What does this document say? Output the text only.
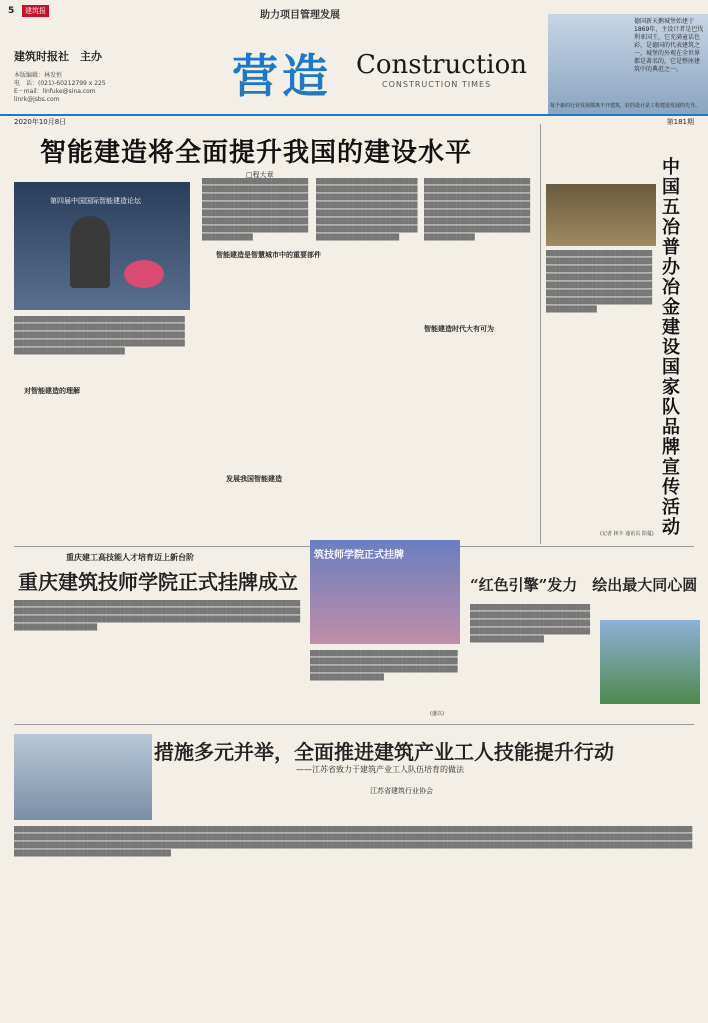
5	建筑报	助力项目管理发展
建筑时报社　主办
本版编辑：林发恒
电　话：(021)-60212799 x 225
E－mail：linfuke@sina.com
linrk@jsbs.com	营造 Construction
CONSTRUCTION TIMES
德国新天鹅城堡始建于1869年，主设计者是巴伐利亚国王，它充满童话色彩，是德国的代表建筑之一，城堡的外观在全世界都是著名的，它是整座建筑中的典范之一。
每个新的行业发展都离不开建筑，好的设计是工程建设发展的先导。
2020年10月8日	第181期
智能建造将全面提升我国的建设水平
□程大章
第四届中国国际智能建造论坛
对智能建造的理解
智能建造是智慧城市中的重要部件
发展我国智能建造
智能建造时代大有可为
████████████████████████████████████████████████████████████████████████████████████████████████████████████████████████████████████████████████████████████████████████████
████████████████████████████████████████████████████████████████████████████████████████████████████████████████████████████████████████████████████████████████████████████
████████████████████████████████████████████████████████████████████████████████████████████████████████████████████████████████████████████████████████████████████████████
████████████████████████████████████████████████████████████████████████████████████████████████████████████████████████████████████████████████████████████████████████████
中国五冶普办冶金建设国家队品牌宣传活动
████████████████████████████████████████████████████████████████████████████████████████████████████████████████████████████████████████████████████████████████████████████
(记者 林丰 通讯员 阳蔓)
重庆建工高技能人才培育迈上新台阶
重庆建筑技师学院正式挂牌成立
筑技师学院正式挂牌
████████████████████████████████████████████████████████████████████████████████████████████████████████████████████████████████████████████████████████████████████████████████████████████████████████████
████████████████████████████████████████████████████████████████████████████████████████████████████████████████
(盛以)
“红色引擎”发力　绘出最大同心圆
████████████████████████████████████████████████████████████████████████████████████████████████████████████████████████
措施多元并举，全面推进建筑产业工人技能提升行动
——江苏省致力于建筑产业工人队伍培育的做法
江苏省建筑行业协会
███████████████████████████████████████████████████████████████████████████████████████████████████████████████████████████████████████████████████████████████████████████████████████████████████████████████████████████████████████████████████████████████████████████████████████████████████████████████████████████████████████████████████████████████████████████████████████████████████████████████████████████████████████████████████████████████████████████████████████████
